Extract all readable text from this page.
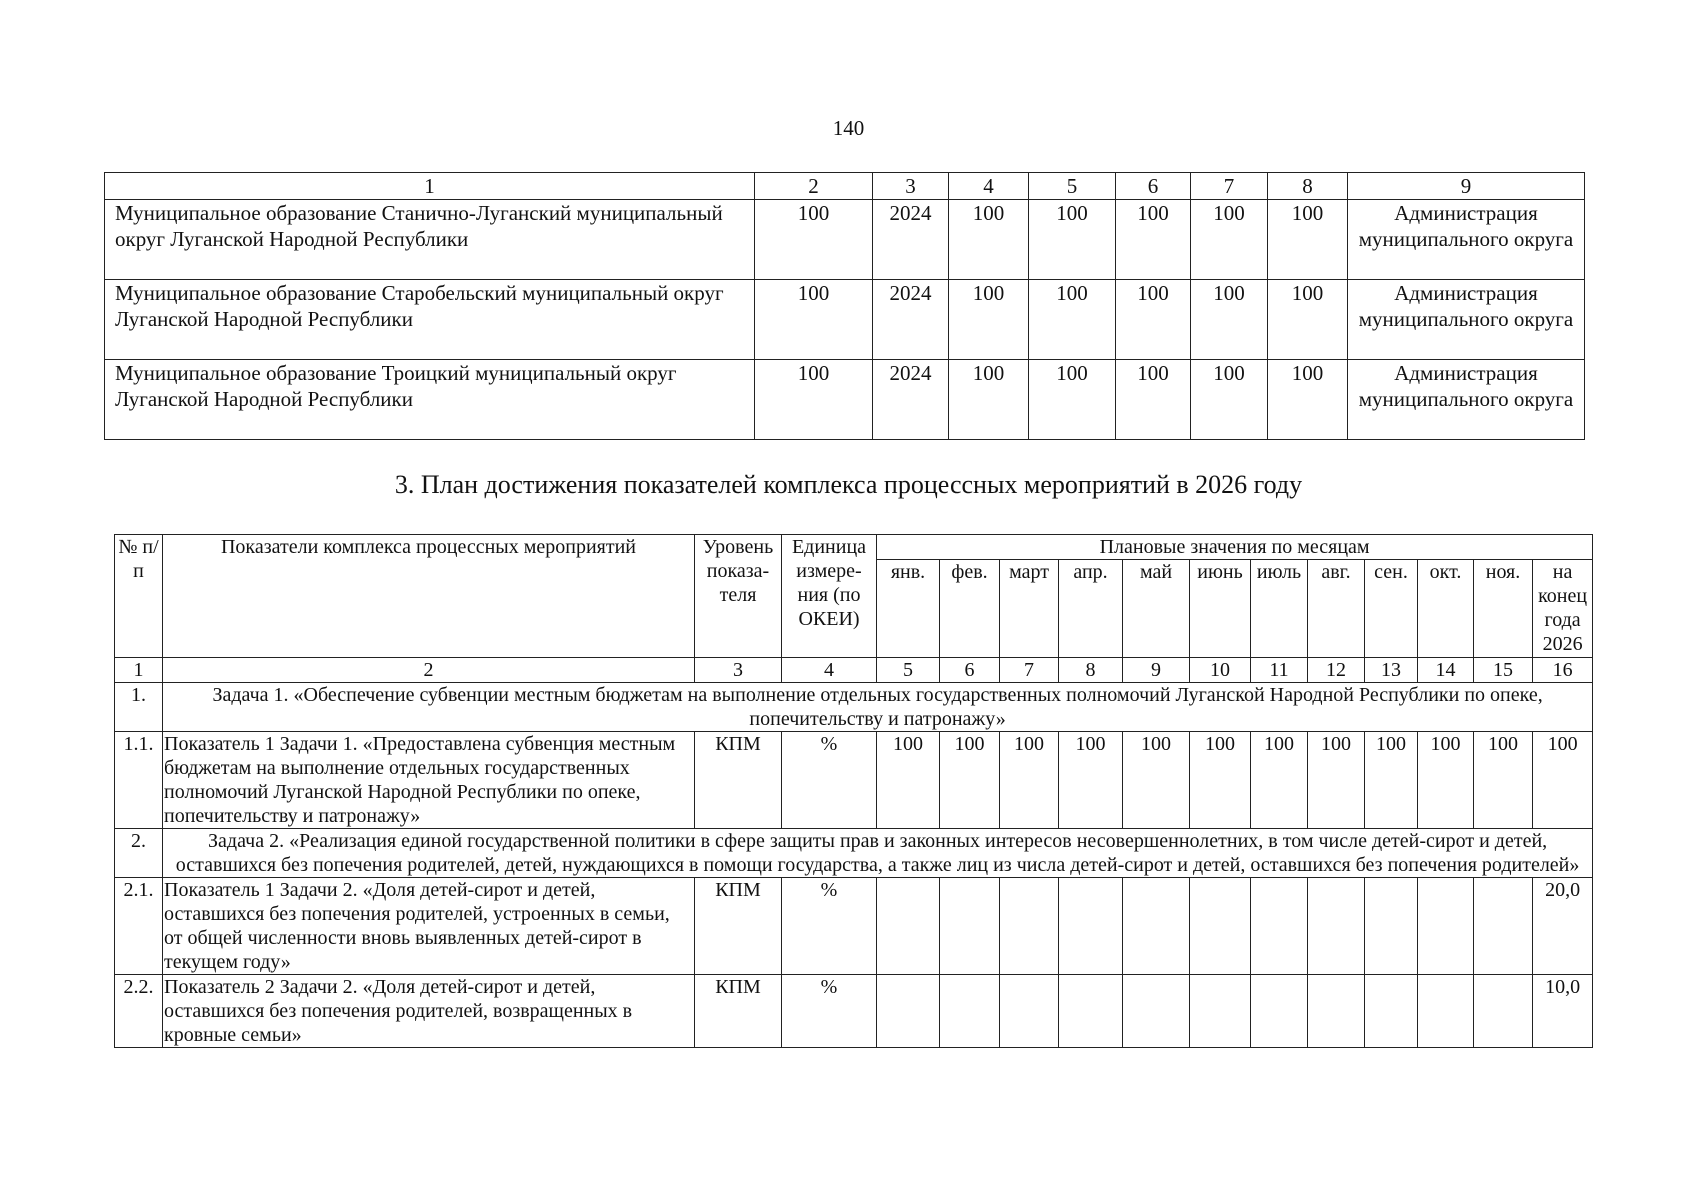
140
1	2	3	4	5	6	7	8	9
Муниципальное образование Станично-Луганский муниципальный округ Луганской Народной Республики	100	2024	100	100	100	100	100	Администрация муниципального округа
Муниципальное образование Старобельский муниципальный округ Луганской Народной Республики	100	2024	100	100	100	100	100	Администрация муниципального округа
Муниципальное образование Троицкий муниципальный округ Луганской Народной Республики	100	2024	100	100	100	100	100	Администрация муниципального округа
3. План достижения показателей комплекса процессных мероприятий в 2026 году
№ п/п	Показатели комплекса процессных мероприятий	Уровень показа-теля	Единица измере-ния (по ОКЕИ)	Плановые значения по месяцам											
				янв.	фев.	март	апр.	май	июнь	июль	авг.	сен.	окт.	ноя.	на конец года 2026
1	2	3	4	5	6	7	8	9	10	11	12	13	14	15	16
1.	Задача 1. «Обеспечение субвенции местным бюджетам на выполнение отдельных государственных полномочий Луганской Народной Республики по опеке, попечительству и патронажу»														
1.1.	Показатель 1 Задачи 1. «Предоставлена субвенция местным бюджетам на выполнение отдельных государственных полномочий Луганской Народной Республики по опеке, попечительству и патронажу»	КПМ	%	100	100	100	100	100	100	100	100	100	100	100	100
2.	Задача 2. «Реализация единой государственной политики в сфере защиты прав и законных интересов несовершеннолетних, в том числе детей-сирот и детей, оставшихся без попечения родителей, детей, нуждающихся в помощи государства, а также лиц из числа детей-сирот и детей, оставшихся без попечения родителей»														
2.1.	Показатель 1 Задачи 2. «Доля детей-сирот и детей, оставшихся без попечения родителей, устроенных в семьи, от общей численности вновь выявленных детей-сирот в текущем году»	КПМ	%												20,0
2.2.	Показатель 2 Задачи 2. «Доля детей-сирот и детей, оставшихся без попечения родителей, возвращенных в кровные семьи»	КПМ	%												10,0
